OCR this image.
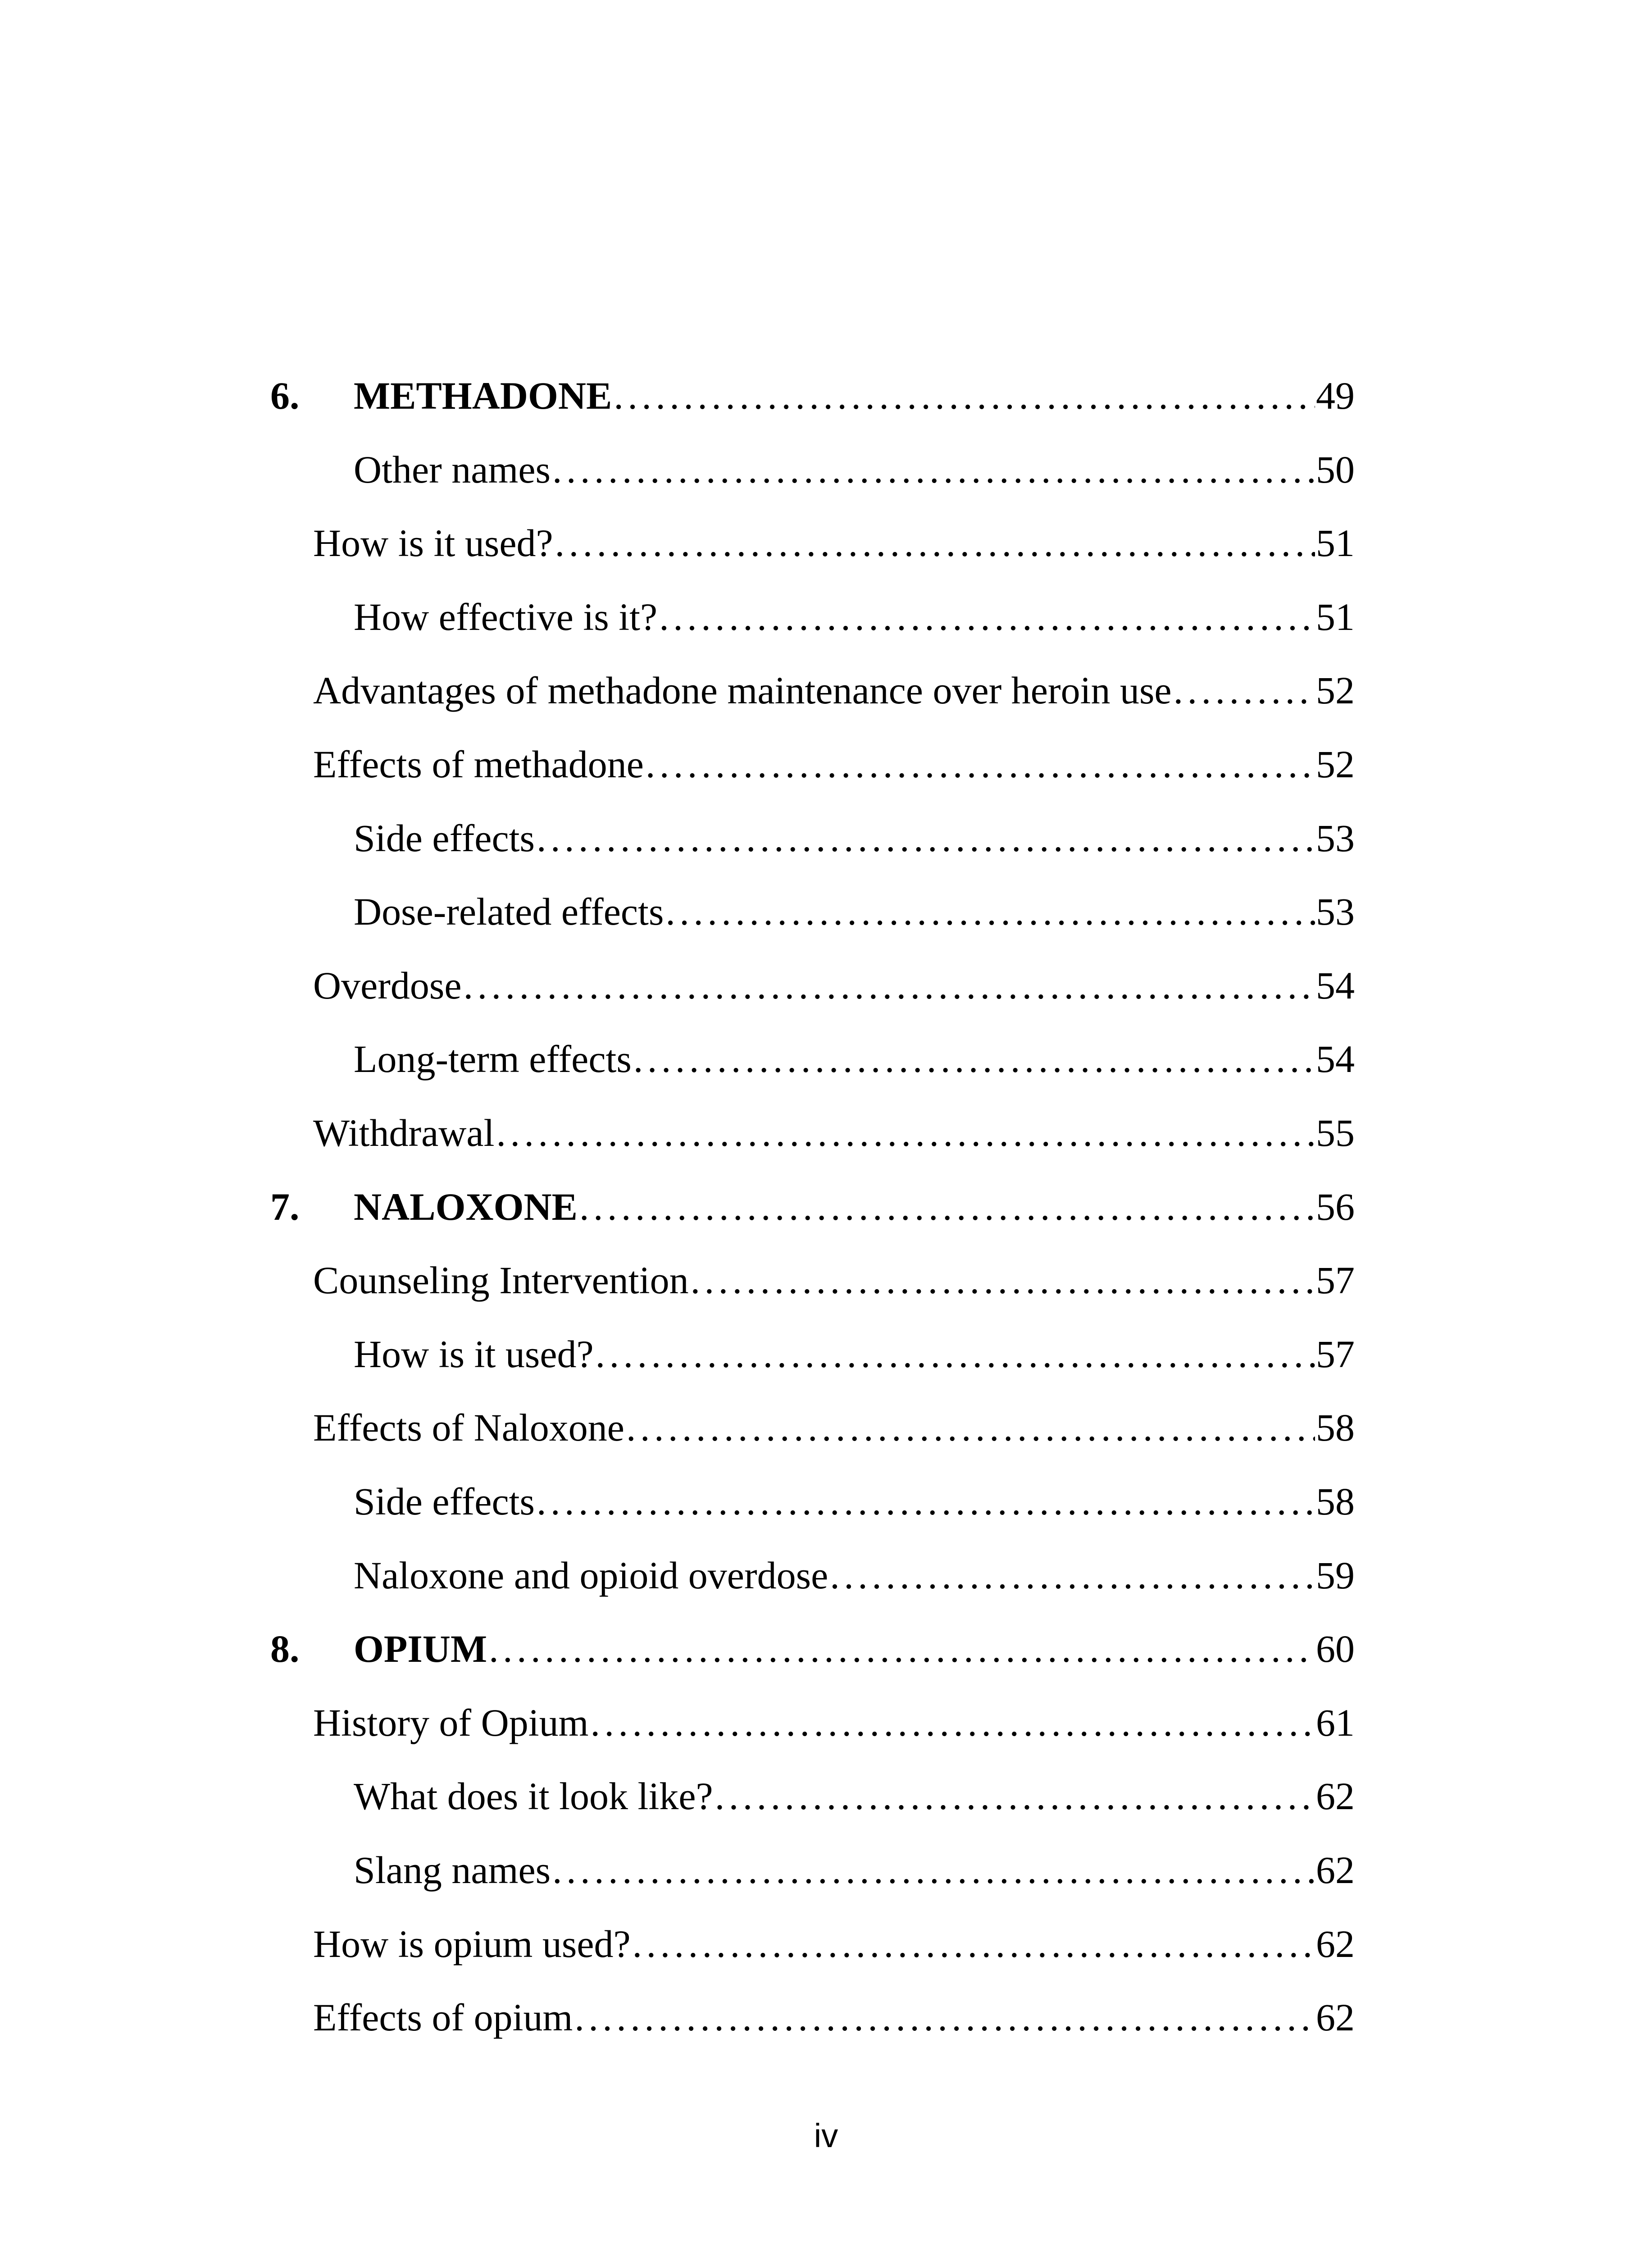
6.	METHADONE . . .	49
Other names . . .	50
How is it used? . . .	51
How effective is it? . . .	51
Advantages of methadone maintenance over heroin use . . .	52
Effects of methadone . . .	52
Side effects . . .	53
Dose-related effects . . .	53
Overdose . . .	54
Long-term effects . . .	54
Withdrawal . . .	55
7.	NALOXONE . . .	56
Counseling Intervention . . .	57
How is it used? . . .	57
Effects of Naloxone . . .	58
Side effects . . .	58
Naloxone and opioid overdose . . .	59
8.	OPIUM . . .	60
History of Opium . . .	61
What does it look like? . . .	62
Slang names . . .	62
How is opium used? . . .	62
Effects of opium . . .	62
iv
